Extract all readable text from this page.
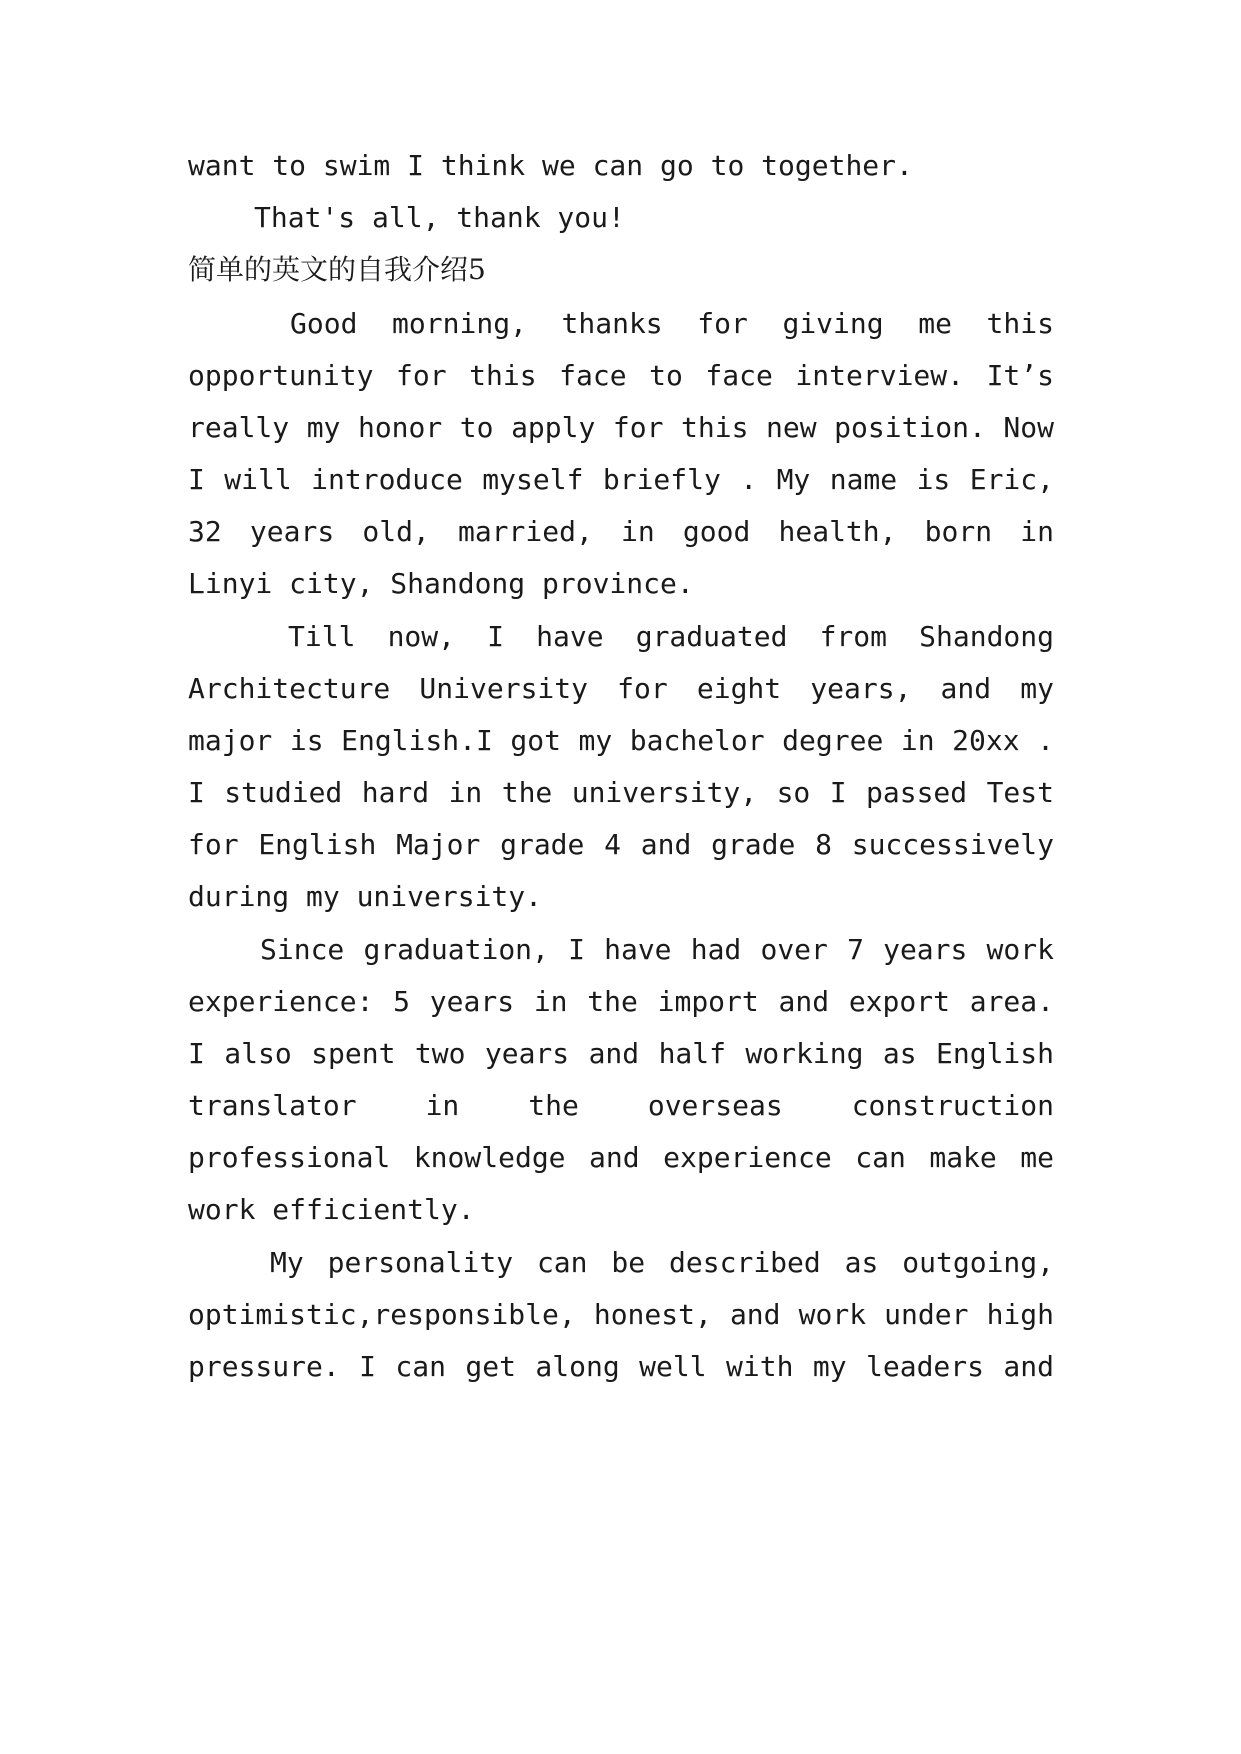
want to swim I think we can go to together.
That's all, thank you!
简单的英文的自我介绍5
Good morning, thanks for giving me this
opportunity for this face to face interview. It’s
really my honor to apply for this new position. Now
I will introduce myself briefly . My name is Eric,
32 years old, married, in good health, born in
Linyi city, Shandong province.
Till now, I have graduated from Shandong
Architecture University for eight years, and my
major is English.I got my bachelor degree in 20xx .
I studied hard in the university, so I passed Test
for English Major grade 4 and grade 8 successively
during my university.
Since graduation, I have had over 7 years work
experience: 5 years in the import and export area.
I also spent two years and half working as English
translator in the overseas construction
professional knowledge and experience can make me
work efficiently.
My personality can be described as outgoing,
optimistic,responsible, honest, and work under high
pressure. I can get along well with my leaders and
